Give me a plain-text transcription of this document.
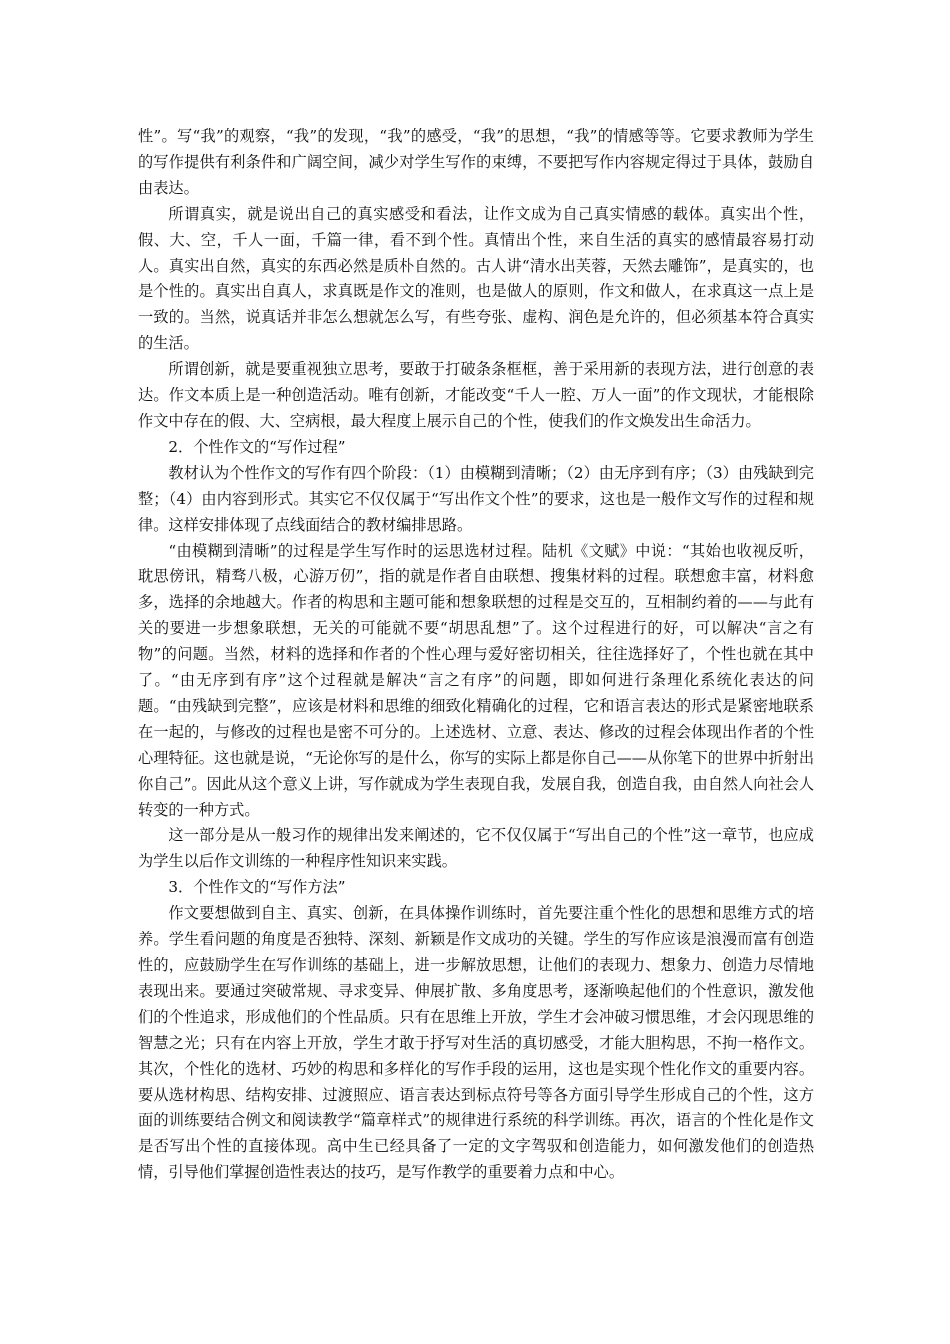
性”。写“我”的观察，“我”的发现，“我”的感受，“我”的思想，“我”的情感等等。它要求教师为学生的写作提供有利条件和广阔空间，减少对学生写作的束缚，不要把写作内容规定得过于具体，鼓励自由表达。

所谓真实，就是说出自己的真实感受和看法，让作文成为自己真实情感的载体。真实出个性，假、大、空，千人一面，千篇一律，看不到个性。真情出个性，来自生活的真实的感情最容易打动人。真实出自然，真实的东西必然是质朴自然的。古人讲“清水出芙蓉，天然去雕饰”，是真实的，也是个性的。真实出自真人，求真既是作文的准则，也是做人的原则，作文和做人，在求真这一点上是一致的。当然，说真话并非怎么想就怎么写，有些夸张、虚构、润色是允许的，但必须基本符合真实的生活。

所谓创新，就是要重视独立思考，要敢于打破条条框框，善于采用新的表现方法，进行创意的表达。作文本质上是一种创造活动。唯有创新，才能改变“千人一腔、万人一面”的作文现状，才能根除作文中存在的假、大、空病根，最大程度上展示自己的个性，使我们的作文焕发出生命活力。

2．个性作文的“写作过程”

教材认为个性作文的写作有四个阶段：（1）由模糊到清晰；（2）由无序到有序；（3）由残缺到完整；（4）由内容到形式。其实它不仅仅属于“写出作文个性”的要求，这也是一般作文写作的过程和规律。这样安排体现了点线面结合的教材编排思路。

“由模糊到清晰”的过程是学生写作时的运思选材过程。陆机《文赋》中说：“其始也收视反听，耽思傍讯，精骛八极，心游万仞”，指的就是作者自由联想、搜集材料的过程。联想愈丰富，材料愈多，选择的余地越大。作者的构思和主题可能和想象联想的过程是交互的，互相制约着的——与此有关的要进一步想象联想，无关的可能就不要“胡思乱想”了。这个过程进行的好，可以解决“言之有物”的问题。当然，材料的选择和作者的个性心理与爱好密切相关，往往选择好了，个性也就在其中了。“由无序到有序”这个过程就是解决“言之有序”的问题，即如何进行条理化系统化表达的问题。“由残缺到完整”，应该是材料和思维的细致化精确化的过程，它和语言表达的形式是紧密地联系在一起的，与修改的过程也是密不可分的。上述选材、立意、表达、修改的过程会体现出作者的个性心理特征。这也就是说，“无论你写的是什么，你写的实际上都是你自己——从你笔下的世界中折射出你自己”。因此从这个意义上讲，写作就成为学生表现自我，发展自我，创造自我，由自然人向社会人转变的一种方式。

这一部分是从一般习作的规律出发来阐述的，它不仅仅属于“写出自己的个性”这一章节，也应成为学生以后作文训练的一种程序性知识来实践。

3．个性作文的“写作方法”

作文要想做到自主、真实、创新，在具体操作训练时，首先要注重个性化的思想和思维方式的培养。学生看问题的角度是否独特、深刻、新颖是作文成功的关键。学生的写作应该是浪漫而富有创造性的，应鼓励学生在写作训练的基础上，进一步解放思想，让他们的表现力、想象力、创造力尽情地表现出来。要通过突破常规、寻求变异、伸展扩散、多角度思考，逐渐唤起他们的个性意识，激发他们的个性追求，形成他们的个性品质。只有在思维上开放，学生才会冲破习惯思维，才会闪现思维的智慧之光；只有在内容上开放，学生才敢于抒写对生活的真切感受，才能大胆构思，不拘一格作文。其次，个性化的选材、巧妙的构思和多样化的写作手段的运用，这也是实现个性化作文的重要内容。要从选材构思、结构安排、过渡照应、语言表达到标点符号等各方面引导学生形成自己的个性，这方面的训练要结合例文和阅读教学“篇章样式”的规律进行系统的科学训练。再次，语言的个性化是作文是否写出个性的直接体现。高中生已经具备了一定的文字驾驭和创造能力，如何激发他们的创造热情，引导他们掌握创造性表达的技巧，是写作教学的重要着力点和中心。
